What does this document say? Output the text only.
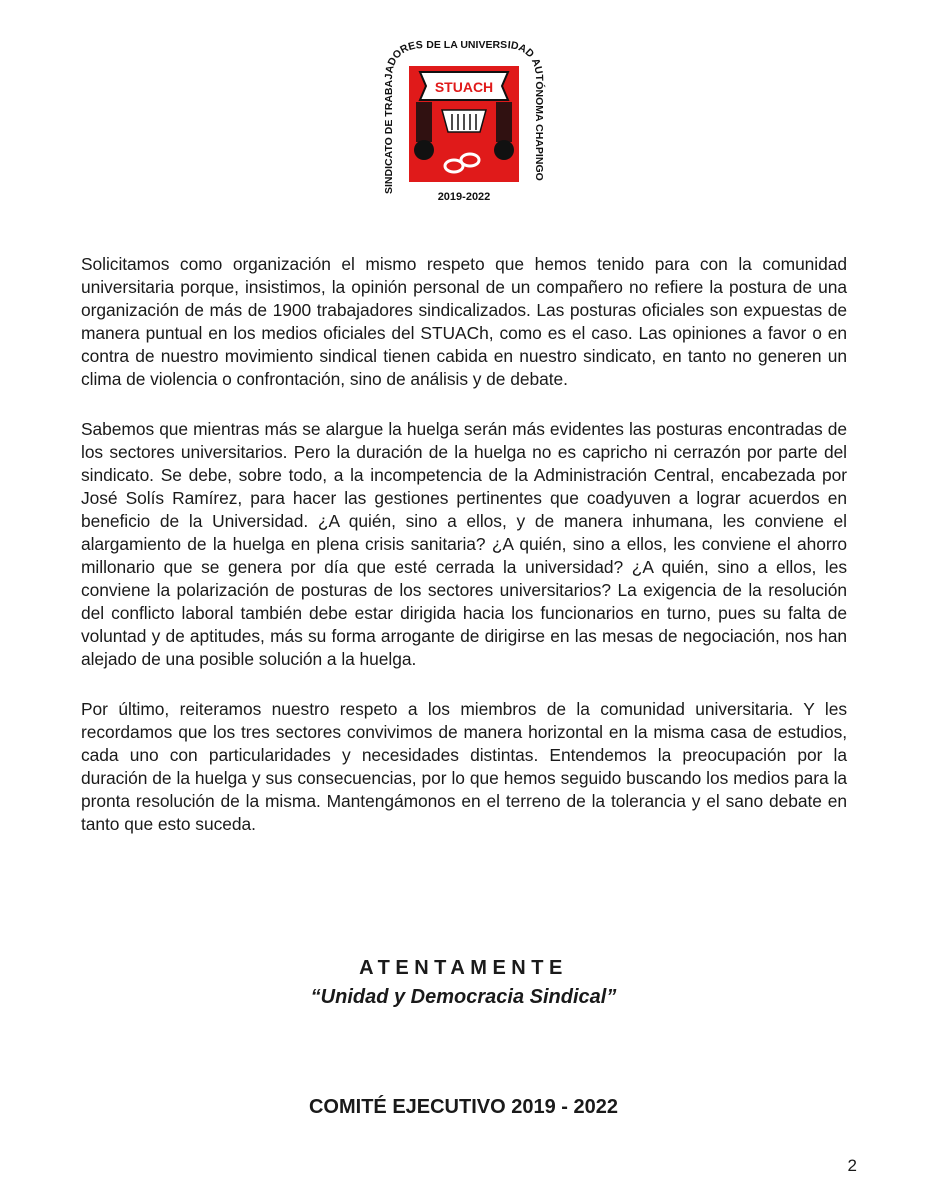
STUACH
SINDICATO DE TRABAJADORES DE LA UNIVERSIDAD AUTÓNOMA CHAPINGO
2019-2022

Solicitamos como organización el mismo respeto que hemos tenido para con la comunidad universitaria porque, insistimos, la opinión personal de un compañero no refiere la postura de una organización de más de 1900 trabajadores sindicalizados. Las posturas oficiales son expuestas de manera puntual en los medios oficiales del STUACh, como es el caso. Las opiniones a favor o en contra de nuestro movimiento sindical tienen cabida en nuestro sindicato, en tanto no generen un clima de violencia o confrontación, sino de análisis y de debate.

Sabemos que mientras más se alargue la huelga serán más evidentes las posturas encontradas de los sectores universitarios. Pero la duración de la huelga no es capricho ni cerrazón por parte del sindicato. Se debe, sobre todo, a la incompetencia de la Administración Central, encabezada por José Solís Ramírez, para hacer las gestiones pertinentes que coadyuven a lograr acuerdos en beneficio de la Universidad. ¿A quién, sino a ellos, y de manera inhumana, les conviene el alargamiento de la huelga en plena crisis sanitaria? ¿A quién, sino a ellos, les conviene el ahorro millonario que se genera por día que esté cerrada la universidad? ¿A quién, sino a ellos, les conviene la polarización de posturas de los sectores universitarios? La exigencia de la resolución del conflicto laboral también debe estar dirigida hacia los funcionarios en turno, pues su falta de voluntad y de aptitudes, más su forma arrogante de dirigirse en las mesas de negociación, nos han alejado de una posible solución a la huelga.

Por último, reiteramos nuestro respeto a los miembros de la comunidad universitaria. Y les recordamos que los tres sectores convivimos de manera horizontal en la misma casa de estudios, cada uno con particularidades y necesidades distintas. Entendemos la preocupación por la duración de la huelga y sus consecuencias, por lo que hemos seguido buscando los medios para la pronta resolución de la misma. Mantengámonos en el terreno de la tolerancia y el sano debate en tanto que esto suceda.

ATENTAMENTE
“Unidad y Democracia Sindical”
COMITÉ EJECUTIVO 2019 - 2022
2
